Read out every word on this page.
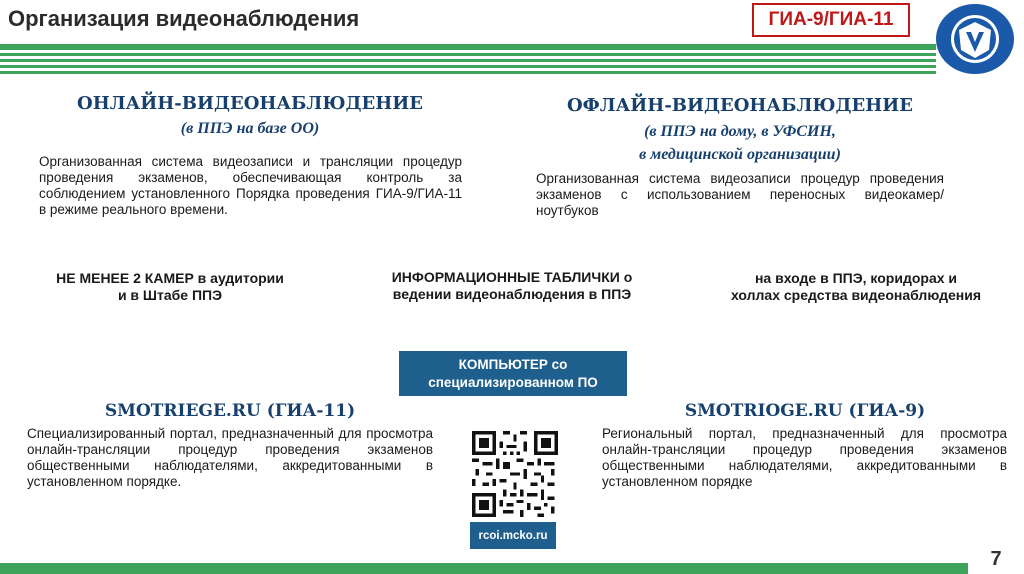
Организация видеонаблюдения	ГИА-9/ГИА-11
ОНЛАЙН-ВИДЕОНАБЛЮДЕНИЕ
(в ППЭ на базе ОО)
Организованная система видеозаписи и трансляции процедур проведения экзаменов, обеспечивающая контроль за соблюдением установленного Порядка проведения ГИА-9/ГИА-11 в режиме реального времени.
ОФЛАЙН-ВИДЕОНАБЛЮДЕНИЕ
(в ППЭ на дому, в УФСИН,
в медицинской организации)
Организованная система видеозаписи процедур проведения экзаменов с использованием переносных видеокамер/ноутбуков
НЕ МЕНЕЕ 2 КАМЕР в аудитории и в Штабе ППЭ
ИНФОРМАЦИОННЫЕ ТАБЛИЧКИ о ведении видеонаблюдения в ППЭ
на входе в ППЭ, коридорах и холлах средства видеонаблюдения
КОМПЬЮТЕР со
специализированном ПО
SMOTRIEGE.RU (ГИА-11)
Специализированный портал, предназначенный для просмотра онлайн-трансляции процедур проведения экзаменов общественными наблюдателями, аккредитованными в установленном порядке.
SMOTRIOGE.RU (ГИА-9)
Региональный портал, предназначенный для просмотра онлайн-трансляции процедур проведения экзаменов общественными наблюдателями, аккредитованными в установленном порядке
rcoi.mcko.ru
7
